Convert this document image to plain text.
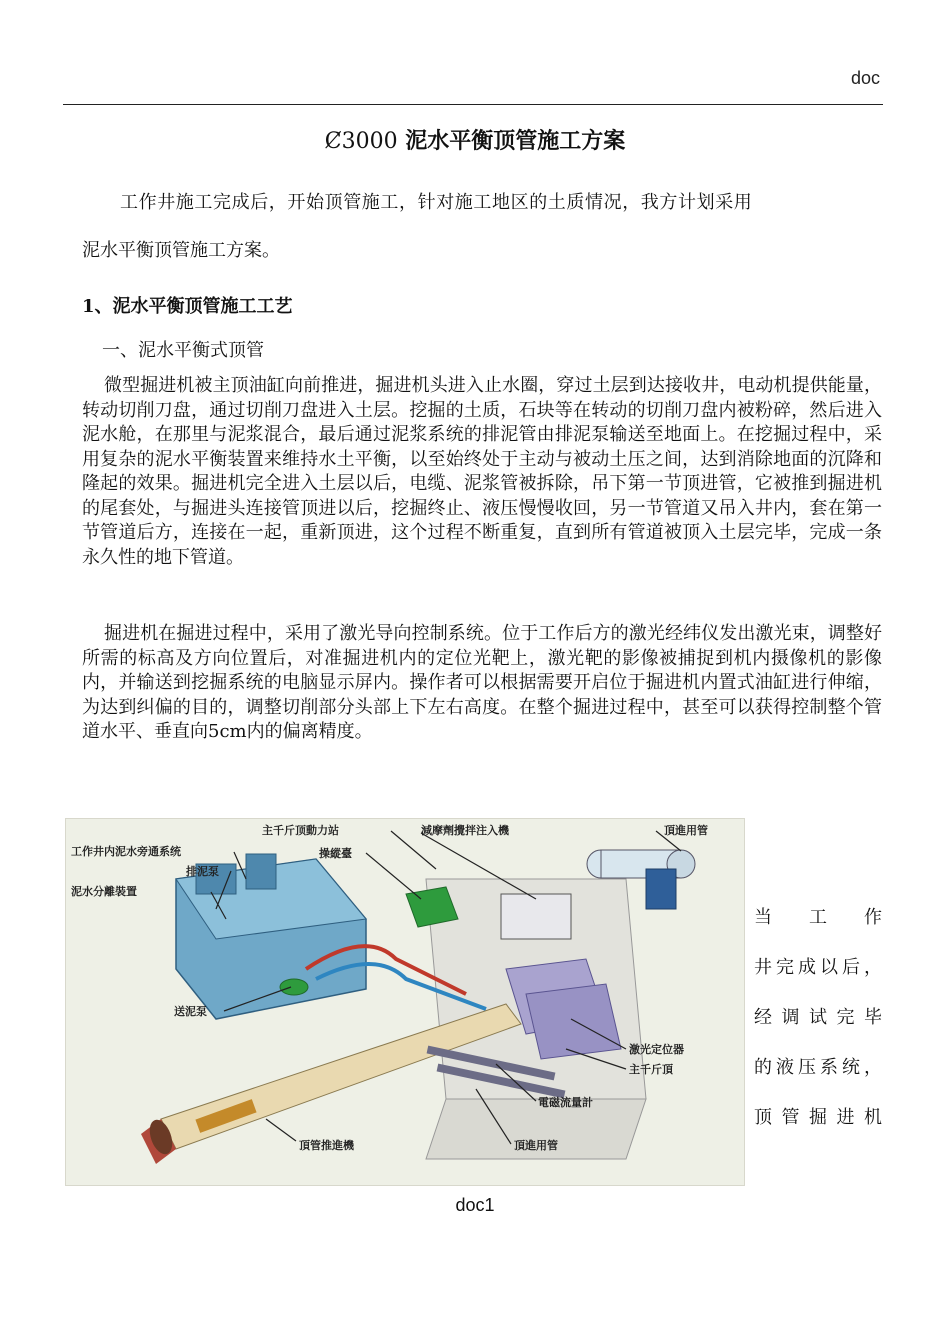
doc
Ȼ3000 泥水平衡顶管施工方案
工作井施工完成后，开始顶管施工，针对施工地区的土质情况，我方计划采用
泥水平衡顶管施工方案。
1、泥水平衡顶管施工工艺
一、泥水平衡式顶管

微型掘进机被主顶油缸向前推进，掘进机头进入止水圈，穿过土层到达接收井，电动机提供能量，转动切削刀盘，通过切削刀盘进入土层。挖掘的土质，石块等在转动的切削刀盘内被粉碎，然后进入泥水舱，在那里与泥浆混合，最后通过泥浆系统的排泥管由排泥泵输送至地面上。在挖掘过程中，采用复杂的泥水平衡装置来维持水土平衡，以至始终处于主动与被动土压之间，达到消除地面的沉降和隆起的效果。掘进机完全进入土层以后，电缆、泥浆管被拆除，吊下第一节顶进管，它被推到掘进机的尾套处，与掘进头连接管顶进以后，挖掘终止、液压慢慢收回，另一节管道又吊入井内，套在第一节管道后方，连接在一起，重新顶进，这个过程不断重复，直到所有管道被顶入土层完毕，完成一条永久性的地下管道。

掘进机在掘进过程中，采用了激光导向控制系统。位于工作后方的激光经纬仪发出激光束，调整好所需的标高及方向位置后，对准掘进机内的定位光靶上，激光靶的影像被捕捉到机内摄像机的影像内，并输送到挖掘系统的电脑显示屏内。操作者可以根据需要开启位于掘进机内置式油缸进行伸缩，为达到纠偏的目的，调整切削部分头部上下左右高度。在整个掘进过程中，甚至可以获得控制整个管道水平、垂直向5cm内的偏离精度。

主千斤顶動力站	減摩劑攪拌注入機	頂進用管
工作井内泥水旁通系统	操縱臺
排泥泵
泥水分離裝置
送泥泵
激光定位器
主千斤頂
電磁流量計
頂管推進機	頂進用管
当工作
井完成以后，
经调试完毕
的液压系统，
顶管掘进机
doc1
